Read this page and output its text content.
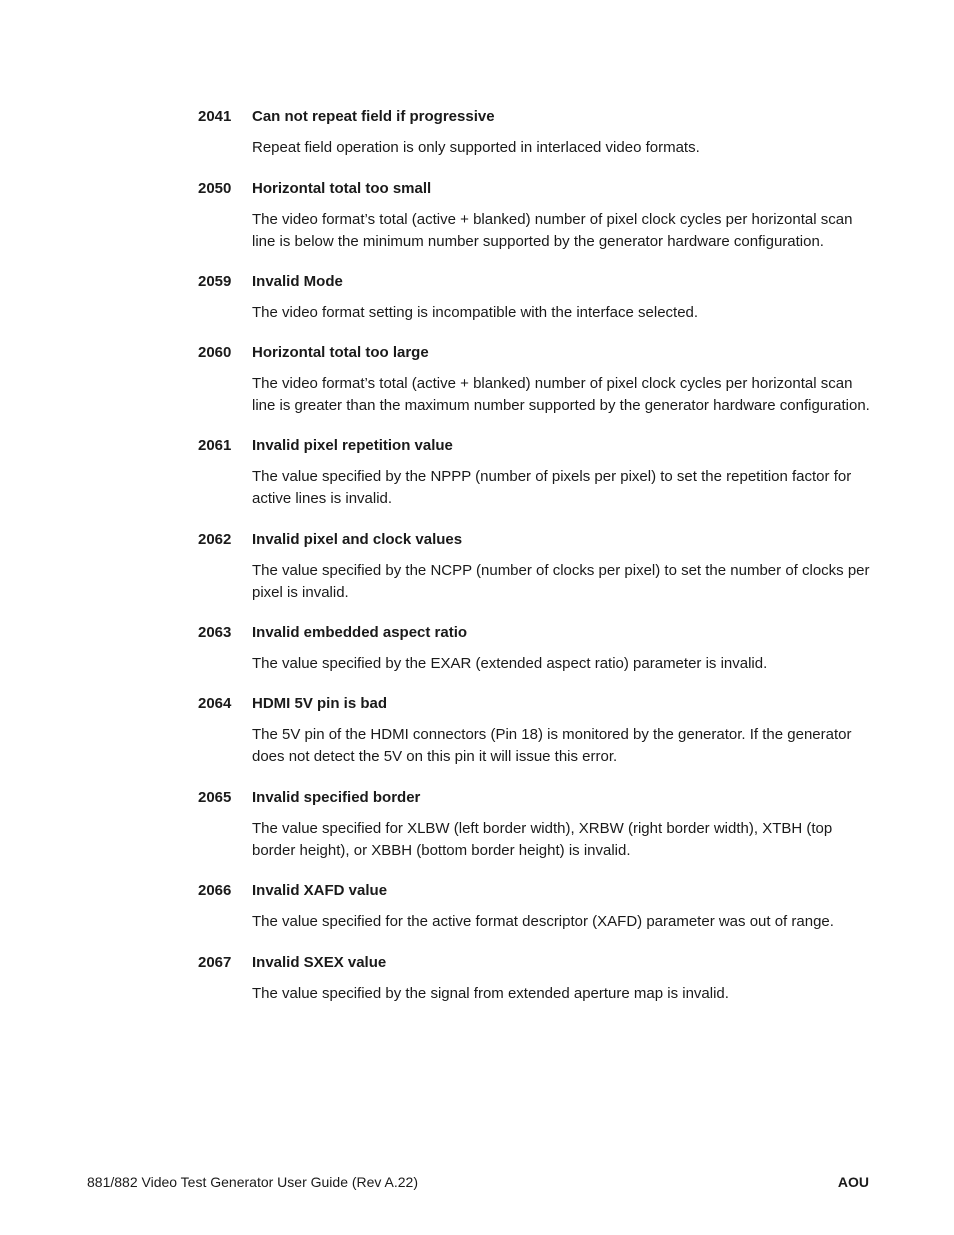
2041	Can not repeat field if progressive

Repeat field operation is only supported in interlaced video formats.

2050	Horizontal total too small

The video format’s total (active + blanked) number of pixel clock cycles per horizontal scan line is below the minimum number supported by the generator hardware configuration.

2059	Invalid Mode

The video format setting is incompatible with the interface selected.

2060	Horizontal total too large

The video format’s total (active + blanked) number of pixel clock cycles per horizontal scan line is greater than the maximum number supported by the generator hardware configuration.

2061	Invalid pixel repetition value

The value specified by the NPPP (number of pixels per pixel) to set the repetition factor for active lines is invalid.

2062	Invalid pixel and clock values

The value specified by the NCPP (number of clocks per pixel) to set the number of clocks per pixel is invalid.

2063	Invalid embedded aspect ratio

The value specified by the EXAR (extended aspect ratio) parameter is invalid.

2064	HDMI 5V pin is bad

The 5V pin of the HDMI connectors (Pin 18) is monitored by the generator. If the generator does not detect the 5V on this pin it will issue this error.

2065	Invalid specified border

The value specified for XLBW (left border width), XRBW (right border width), XTBH (top border height), or XBBH (bottom border height) is invalid.

2066	Invalid XAFD value

The value specified for the active format descriptor (XAFD) parameter was out of range.

2067	Invalid SXEX value

The value specified by the signal from extended aperture map is invalid.

881/882 Video Test Generator User Guide (Rev A.22)	AOU
